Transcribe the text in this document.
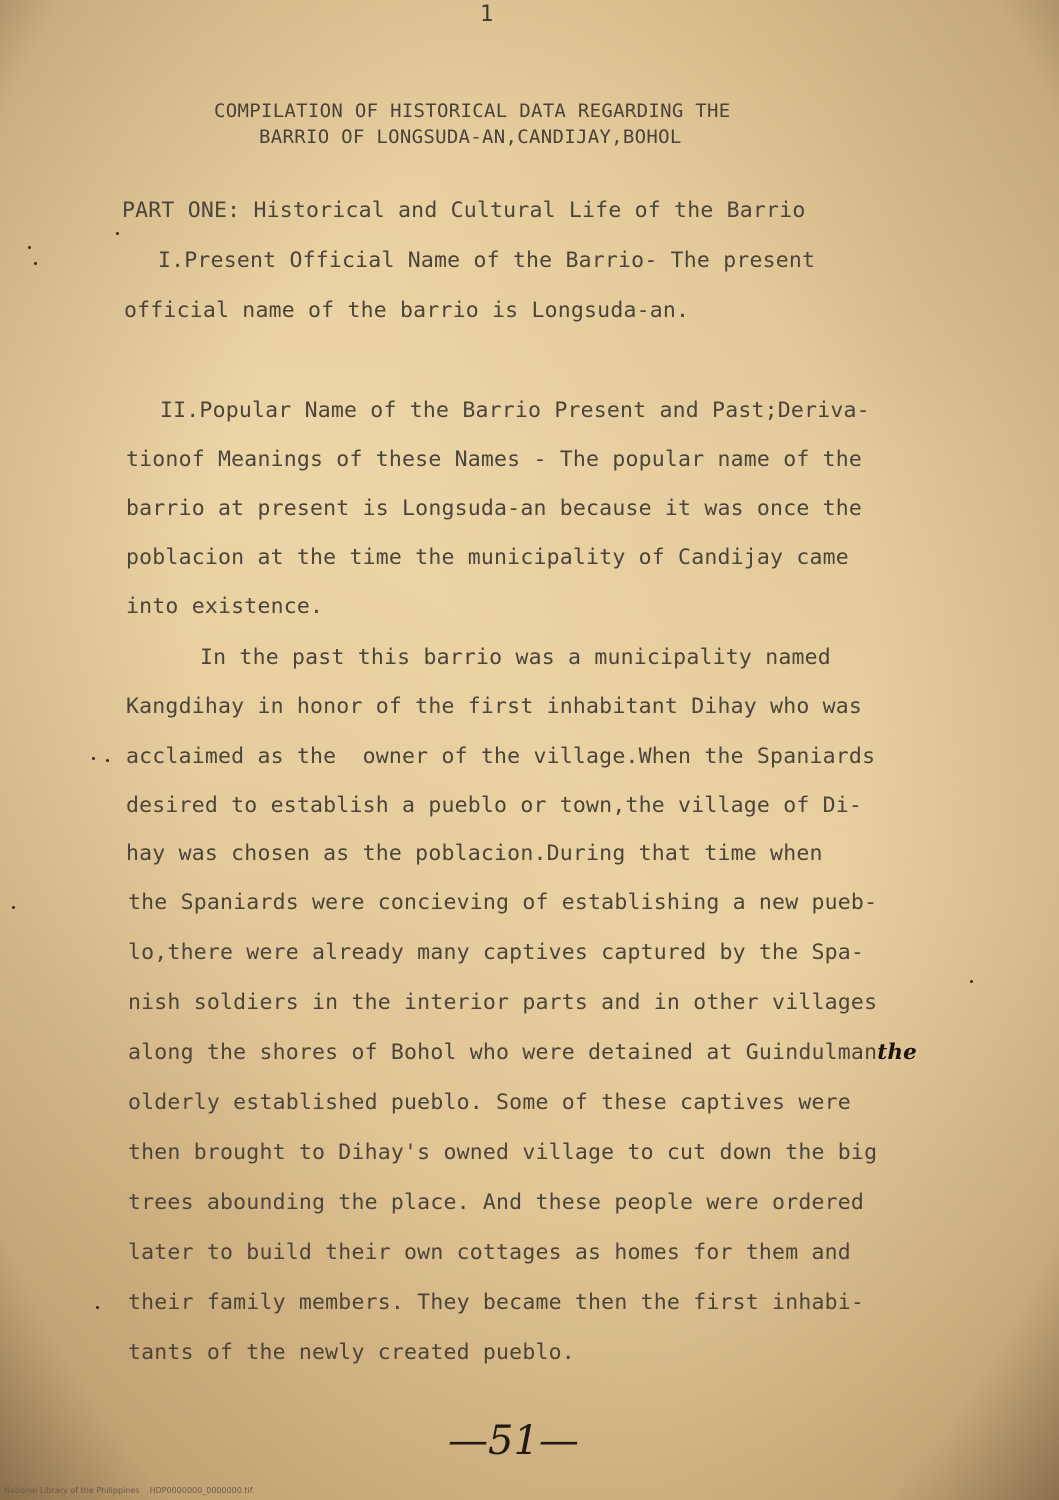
1
COMPILATION OF HISTORICAL DATA REGARDING THE
BARRIO OF LONGSUDA-AN,CANDIJAY,BOHOL
PART ONE: Historical and Cultural Life of the Barrio
I.Present Official Name of the Barrio- The present
official name of the barrio is Longsuda-an.
II.Popular Name of the Barrio Present and Past;Deriva-
tionof Meanings of these Names - The popular name of the
barrio at present is Longsuda-an because it was once the
poblacion at the time the municipality of Candijay came
into existence.
In the past this barrio was a municipality named
Kangdihay in honor of the first inhabitant Dihay who was
acclaimed as the  owner of the village.When the Spaniards
desired to establish a pueblo or town,the village of Di-
hay was chosen as the poblacion.During that time when
the Spaniards were concieving of establishing a new pueb-
lo,there were already many captives captured by the Spa-
nish soldiers in the interior parts and in other villages
along the shores of Bohol who were detained at Guindulmanthe
olderly established pueblo. Some of these captives were
then brought to Dihay's owned village to cut down the big
trees abounding the place. And these people were ordered
later to build their own cottages as homes for them and
their family members. They became then the first inhabi-
tants of the newly created pueblo.
—51—
National Library of the Philippines    HDP0000000_0000000.tif
